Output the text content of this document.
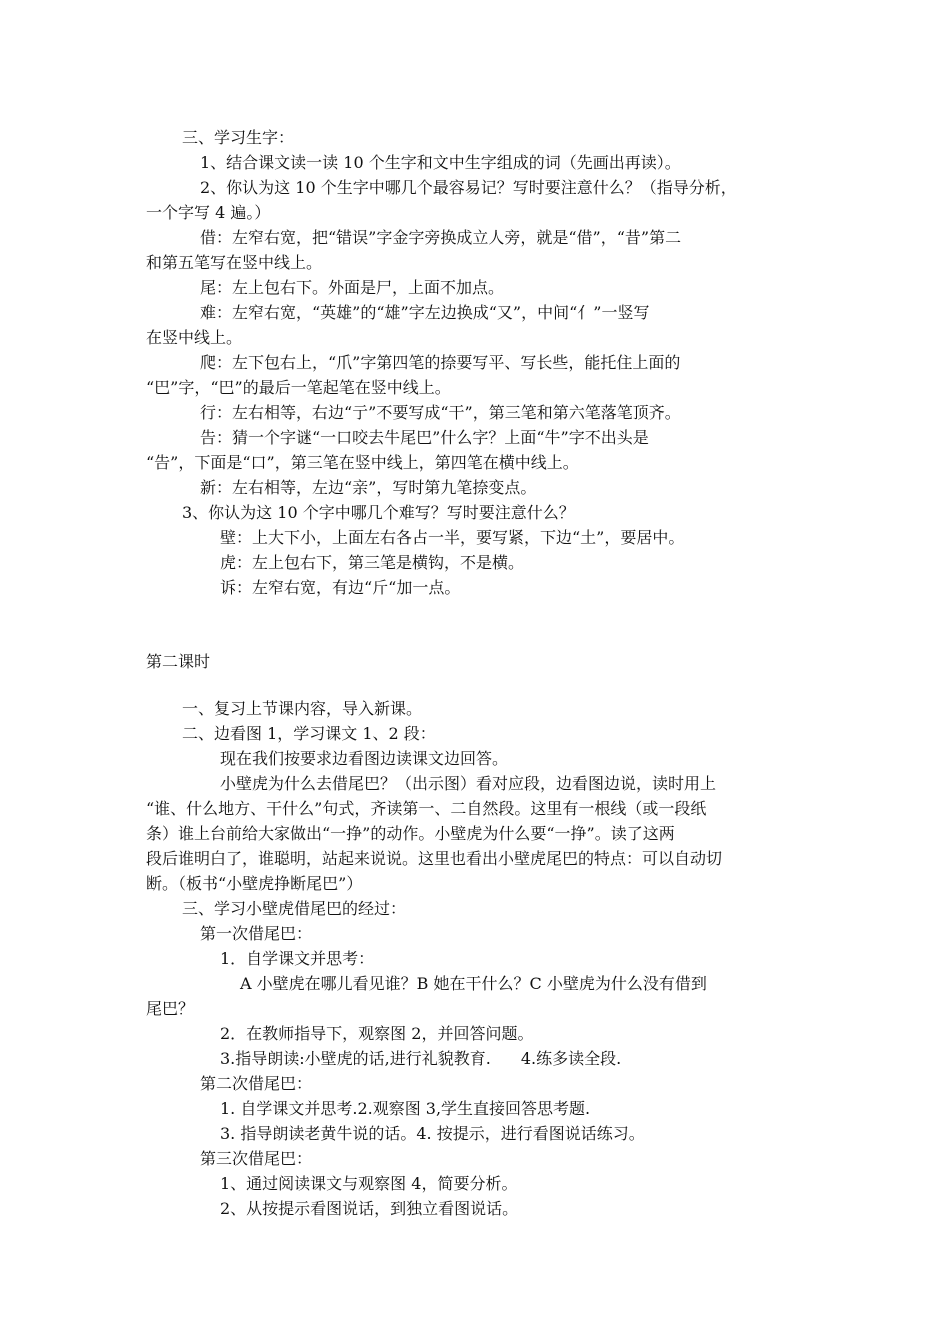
三、学习生字：
1、结合课文读一读 10 个生字和文中生字组成的词（先画出再读）。
2、你认为这 10 个生字中哪几个最容易记？写时要注意什么？（指导分析，
一个字写 4 遍。）
借：左窄右宽，把“错误”字金字旁换成立人旁，就是“借”，“昔”第二
和第五笔写在竖中线上。
尾：左上包右下。外面是尸，上面不加点。
难：左窄右宽，“英雄”的“雄”字左边换成“又”，中间“亻”一竖写
在竖中线上。
爬：左下包右上，“爪”字第四笔的捺要写平、写长些，能托住上面的
“巴”字，“巴”的最后一笔起笔在竖中线上。
行：左右相等，右边“亍”不要写成“干”，第三笔和第六笔落笔顶齐。
告：猜一个字谜“一口咬去牛尾巴”什么字？上面“牛”字不出头是
“告”，下面是“口”，第三笔在竖中线上，第四笔在横中线上。
新：左右相等，左边“亲”，写时第九笔捺变点。
3、你认为这 10 个字中哪几个难写？写时要注意什么？
壁：上大下小，上面左右各占一半，要写紧，下边“土”，要居中。
虎：左上包右下，第三笔是横钩，不是横。
诉：左窄右宽，有边“斤“加一点。
第二课时
一、复习上节课内容，导入新课。
二、边看图 1，学习课文 1、2 段：
现在我们按要求边看图边读课文边回答。
小壁虎为什么去借尾巴？（出示图）看对应段，边看图边说，读时用上
“谁、什么地方、干什么”句式，齐读第一、二自然段。这里有一根线（或一段纸
条）谁上台前给大家做出“一挣”的动作。小壁虎为什么要“一挣”。读了这两
段后谁明白了，谁聪明，站起来说说。这里也看出小壁虎尾巴的特点：可以自动切
断。（板书“小壁虎挣断尾巴”）
三、学习小壁虎借尾巴的经过：
第一次借尾巴：
1．自学课文并思考：
A 小壁虎在哪儿看见谁？B 她在干什么？C 小壁虎为什么没有借到
尾巴？
2．在教师指导下，观察图 2，并回答问题。
3.指导朗读:小壁虎的话,进行礼貌教育. 4.练多读全段.
第二次借尾巴：
1. 自学课文并思考.2.观察图 3,学生直接回答思考题.
3. 指导朗读老黄牛说的话。4. 按提示，进行看图说话练习。
第三次借尾巴：
1、通过阅读课文与观察图 4，简要分析。
2、从按提示看图说话，到独立看图说话。
